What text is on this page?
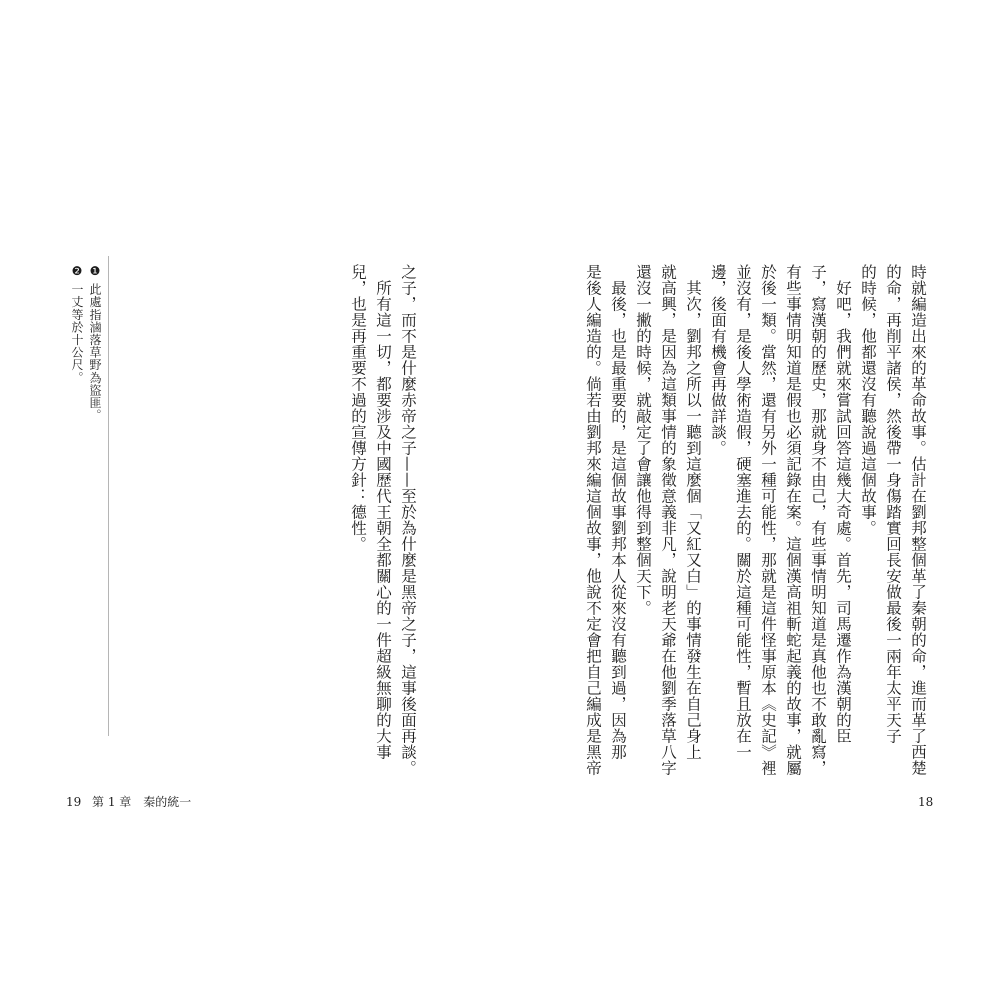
時就編造出來的革命故事。估計在劉邦整個革了秦朝的命，進而革了西楚
的命，再削平諸侯，然後帶一身傷踏實回長安做最後一兩年太平天子
的時候，他都還沒有聽說過這個故事。
　好吧，我們就來嘗試回答這幾大奇處。首先，司馬遷作為漢朝的臣
子，寫漢朝的歷史，那就身不由己，有些事情明知道是真他也不敢亂寫，
有些事情明知道是假也必須記錄在案。這個漢高祖斬蛇起義的故事，就屬
於後一類。當然，還有另外一種可能性，那就是這件怪事原本《史記》裡
並沒有，是後人學術造假，硬塞進去的。關於這種可能性，暫且放在一
邊，後面有機會再做詳談。
　其次，劉邦之所以一聽到這麼個「又紅又白」的事情發生在自己身上
就高興，是因為這類事情的象徵意義非凡，說明老天爺在他劉季落草八字
還沒一撇的時候，就敲定了會讓他得到整個天下。
　最後，也是最重要的，是這個故事劉邦本人從來沒有聽到過，因為那
是後人編造的。倘若由劉邦來編這個故事，他說不定會把自己編成是黑帝
之子，而不是什麼赤帝之子——至於為什麼是黑帝之子，這事後面再談。
　所有這一切，都要涉及中國歷代王朝全都關心的一件超級無聊的大事
兒，也是再重要不過的宣傳方針：德性。
❶ 此處指滷落草野為盜匪。
❷ 一丈等於十公尺。
19 第 1 章　秦的統一	18
